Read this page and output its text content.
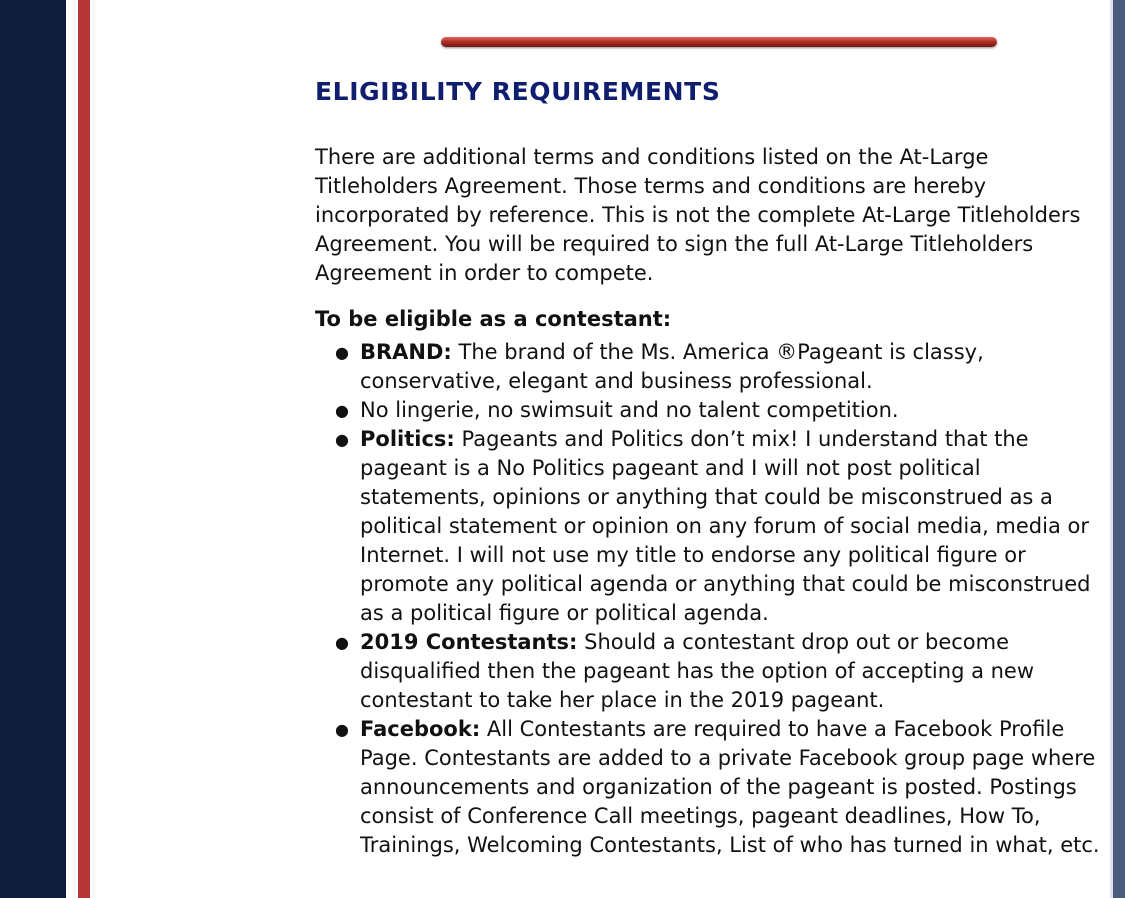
ELIGIBILITY REQUIREMENTS

There are additional terms and conditions listed on the At-Large Titleholders Agreement. Those terms and conditions are hereby incorporated by reference. This is not the complete At-Large Titleholders Agreement. You will be required to sign the full At-Large Titleholders Agreement in order to compete.

To be eligible as a contestant:

● BRAND: The brand of the Ms. America ®Pageant is classy, conservative, elegant and business professional.
● No lingerie, no swimsuit and no talent competition.
● Politics: Pageants and Politics don’t mix! I understand that the pageant is a No Politics pageant and I will not post political statements, opinions or anything that could be misconstrued as a political statement or opinion on any forum of social media, media or Internet. I will not use my title to endorse any political figure or promote any political agenda or anything that could be misconstrued as a political figure or political agenda.
● 2019 Contestants: Should a contestant drop out or become disqualified then the pageant has the option of accepting a new contestant to take her place in the 2019 pageant.
● Facebook: All Contestants are required to have a Facebook Profile Page. Contestants are added to a private Facebook group page where announcements and organization of the pageant is posted. Postings consist of Conference Call meetings, pageant deadlines, How To, Trainings, Welcoming Contestants, List of who has turned in what, etc.
